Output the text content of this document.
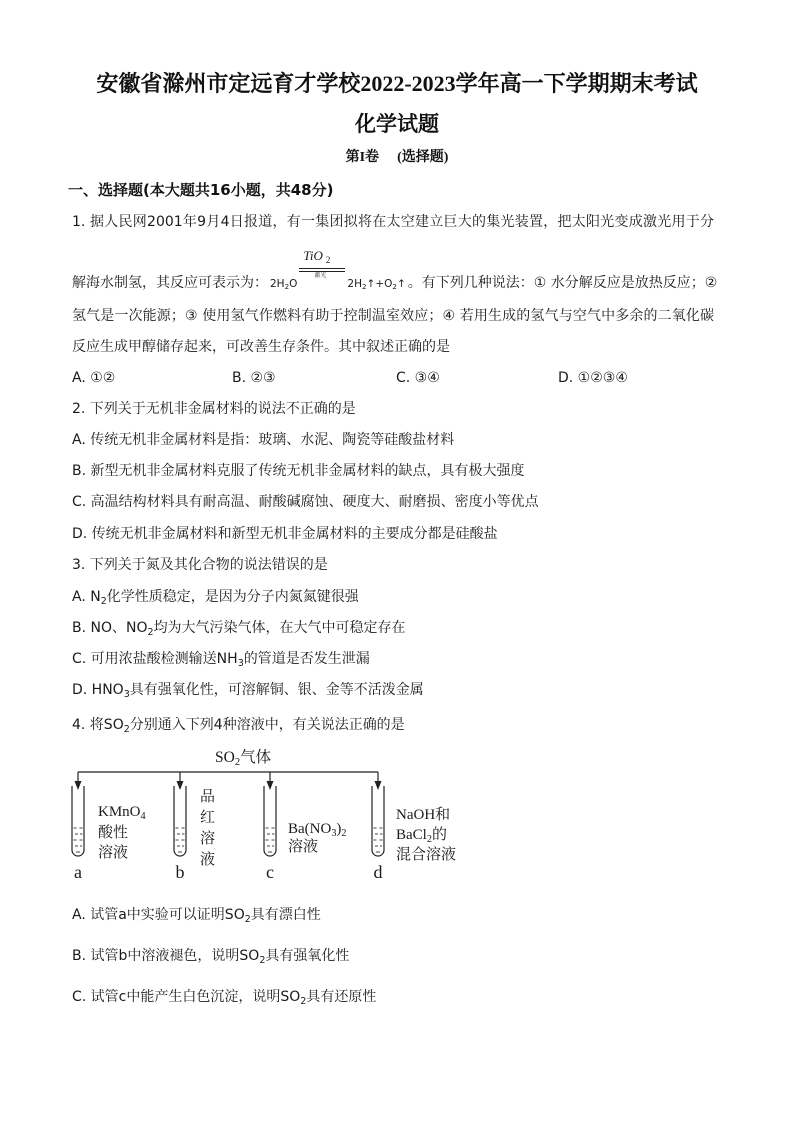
安徽省滁州市定远育才学校2022-2023学年高一下学期期末考试
化学试题
第I卷 (选择题)
一、选择题(本大题共16小题，共48分)
1. 据人民网2001年9月4日报道，有一集团拟将在太空建立巨大的集光装置，把太阳光变成激光用于分
解海水制氢，其反应可表示为： $2H_2O$
TiO $_2$
激光
$2H_2↑+O_2↑$ 。有下列几种说法：① 水分解反应是放热反应；②
氢气是一次能源；③ 使用氢气作燃料有助于控制温室效应；④ 若用生成的氢气与空气中多余的二氧化碳
反应生成甲醇储存起来，可改善生存条件。其中叙述正确的是
A. ①②	B. ②③	C. ③④	D. ①②③④
2. 下列关于无机非金属材料的说法不正确的是
A. 传统无机非金属材料是指：玻璃、水泥、陶瓷等硅酸盐材料
B. 新型无机非金属材料克服了传统无机非金属材料的缺点，具有极大强度
C. 高温结构材料具有耐高温、耐酸碱腐蚀、硬度大、耐磨损、密度小等优点
D. 传统无机非金属材料和新型无机非金属材料的主要成分都是硅酸盐
3. 下列关于氮及其化合物的说法错误的是
A. $N_2$化学性质稳定，是因为分子内氮氮键很强
B. NO、$NO_2$均为大气污染气体，在大气中可稳定存在
C. 可用浓盐酸检测输送$NH_3$的管道是否发生泄漏
D. $HNO_3$具有强氧化性，可溶解铜、银、金等不活泼金属
4. 将$SO_2$分别通入下列4种溶液中，有关说法正确的是
$SO_2$气体
KMnO$_4$
酸性
溶液
品
红
溶
液
$Ba(NO_3)_2$
溶液
NaOH和
BaCl$_2$的
混合溶液
a	b	c	d
A. 试管a中实验可以证明$SO_2$具有漂白性
B. 试管b中溶液褪色，说明$SO_2$具有强氧化性
C. 试管c中能产生白色沉淀，说明$SO_2$具有还原性
